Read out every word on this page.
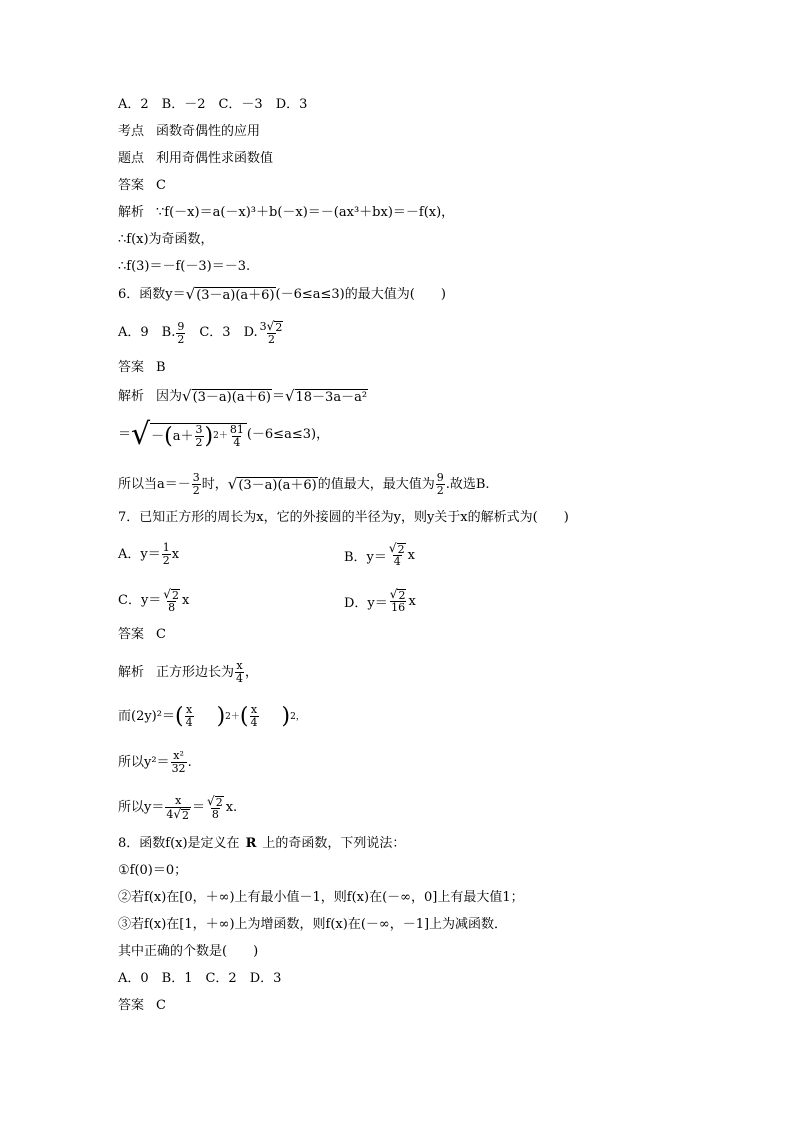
A．2　B．－2　C．－3　D．3
考点 函数奇偶性的应用
题点 利用奇偶性求函数值
答案 C
解析 ∵f(－x)＝a(－x)³＋b(－x)＝－(ax³＋bx)＝－f(x)，
∴f(x)为奇函数，
∴f(3)＝－f(－3)＝－3.
6．函数y＝ √ (3－a)(a＋6) (－6≤a≤3)的最大值为(　　)
A．9　B. $\frac{9}{2}$ 　C．3　D. $\frac{3 √ 2}{2}$
答案 B
解析 因为 √ (3－a)(a＋6) ＝ √ 18－3a－a²
＝ √ － ( $a+ \frac{3}{2}$ ) $2+ \frac{81}{4} (-6\le a\le 3)$，
所以当$a=- \frac{3}{2}$ 时， √ (3－a)(a＋6) 的值最大，最大值为 $\frac{9}{2}$ .故选B.
7．已知正方形的周长为x，它的外接圆的半径为y，则y关于x的解析式为(　　)
A．$y= \frac{1}{2}$ x	B．$y= \frac{√ 2}{4}$ x
C．$y= \frac{√ 2}{8}$ x	D．$y= \frac{√ 2}{16}$ x
答案 C
解析 正方形边长为 $\frac{x}{4}$ ，
而(2y)²＝ ( $\frac{x}{4}$ ) 2＋ ( $\frac{x}{4}$ ) 2，
所以$y^2= \frac{\text{x²}}{32}$ .
所以$y= \frac{x}{4 √ 2} = \frac{√ 2}{8} x$.
8．函数f(x)是定义在 R 上的奇函数，下列说法：
①f(0)＝0；
②若f(x)在[0，＋∞)上有最小值－1，则f(x)在(－∞，0]上有最大值1；
③若f(x)在[1，＋∞)上为增函数，则f(x)在(－∞，－1]上为减函数．
其中正确的个数是(　　)
A．0　B．1　C．2　D．3
答案 C
